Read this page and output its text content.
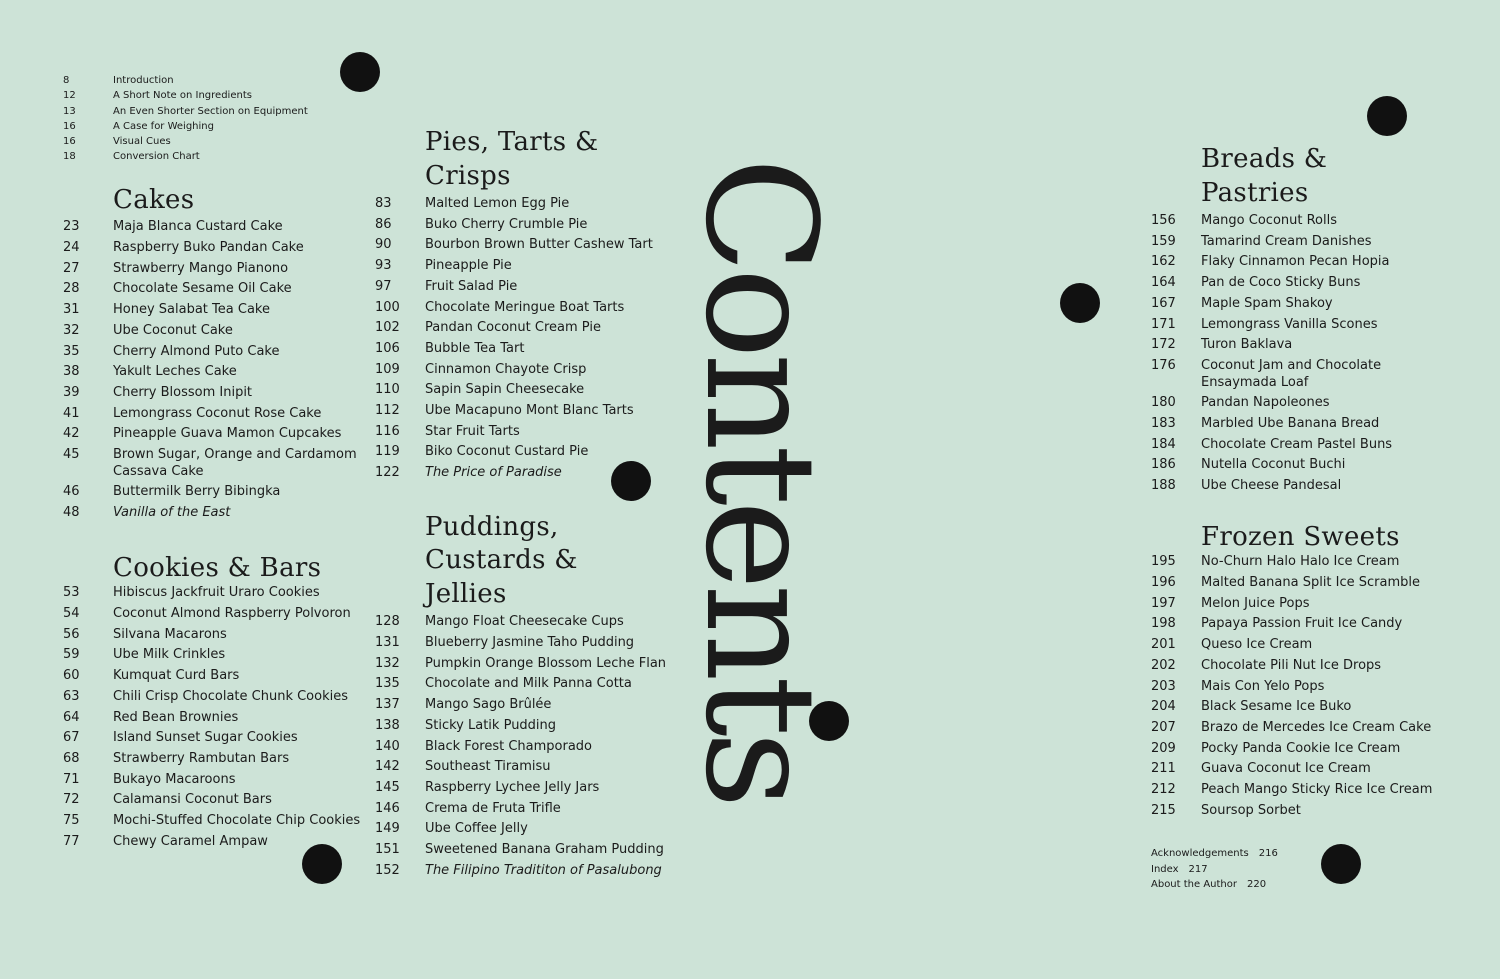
Contents
8	Introduction
12	A Short Note on Ingredients
13	An Even Shorter Section on Equipment
16	A Case for Weighing
16	Visual Cues
18	Conversion Chart
Cakes
23	Maja Blanca Custard Cake
24	Raspberry Buko Pandan Cake
27	Strawberry Mango Pianono
28	Chocolate Sesame Oil Cake
31	Honey Salabat Tea Cake
32	Ube Coconut Cake
35	Cherry Almond Puto Cake
38	Yakult Leches Cake
39	Cherry Blossom Inipit
41	Lemongrass Coconut Rose Cake
42	Pineapple Guava Mamon Cupcakes
45	Brown Sugar, Orange and Cardamom Cassava Cake
46	Buttermilk Berry Bibingka
48	Vanilla of the East
Cookies & Bars
53	Hibiscus Jackfruit Uraro Cookies
54	Coconut Almond Raspberry Polvoron
56	Silvana Macarons
59	Ube Milk Crinkles
60	Kumquat Curd Bars
63	Chili Crisp Chocolate Chunk Cookies
64	Red Bean Brownies
67	Island Sunset Sugar Cookies
68	Strawberry Rambutan Bars
71	Bukayo Macaroons
72	Calamansi Coconut Bars
75	Mochi-Stuffed Chocolate Chip Cookies
77	Chewy Caramel Ampaw
Pies, Tarts & Crisps
83	Malted Lemon Egg Pie
86	Buko Cherry Crumble Pie
90	Bourbon Brown Butter Cashew Tart
93	Pineapple Pie
97	Fruit Salad Pie
100	Chocolate Meringue Boat Tarts
102	Pandan Coconut Cream Pie
106	Bubble Tea Tart
109	Cinnamon Chayote Crisp
110	Sapin Sapin Cheesecake
112	Ube Macapuno Mont Blanc Tarts
116	Star Fruit Tarts
119	Biko Coconut Custard Pie
122	The Price of Paradise
Puddings, Custards & Jellies
128	Mango Float Cheesecake Cups
131	Blueberry Jasmine Taho Pudding
132	Pumpkin Orange Blossom Leche Flan
135	Chocolate and Milk Panna Cotta
137	Mango Sago Brûlée
138	Sticky Latik Pudding
140	Black Forest Champorado
142	Southeast Tiramisu
145	Raspberry Lychee Jelly Jars
146	Crema de Fruta Trifle
149	Ube Coffee Jelly
151	Sweetened Banana Graham Pudding
152	The Filipino Tradititon of Pasalubong
Breads & Pastries
156	Mango Coconut Rolls
159	Tamarind Cream Danishes
162	Flaky Cinnamon Pecan Hopia
164	Pan de Coco Sticky Buns
167	Maple Spam Shakoy
171	Lemongrass Vanilla Scones
172	Turon Baklava
176	Coconut Jam and Chocolate Ensaymada Loaf
180	Pandan Napoleones
183	Marbled Ube Banana Bread
184	Chocolate Cream Pastel Buns
186	Nutella Coconut Buchi
188	Ube Cheese Pandesal
Frozen Sweets
195	No-Churn Halo Halo Ice Cream
196	Malted Banana Split Ice Scramble
197	Melon Juice Pops
198	Papaya Passion Fruit Ice Candy
201	Queso Ice Cream
202	Chocolate Pili Nut Ice Drops
203	Mais Con Yelo Pops
204	Black Sesame Ice Buko
207	Brazo de Mercedes Ice Cream Cake
209	Pocky Panda Cookie Ice Cream
211	Guava Coconut Ice Cream
212	Peach Mango Sticky Rice Ice Cream
215	Soursop Sorbet
Acknowledgements 216
Index 217
About the Author 220
